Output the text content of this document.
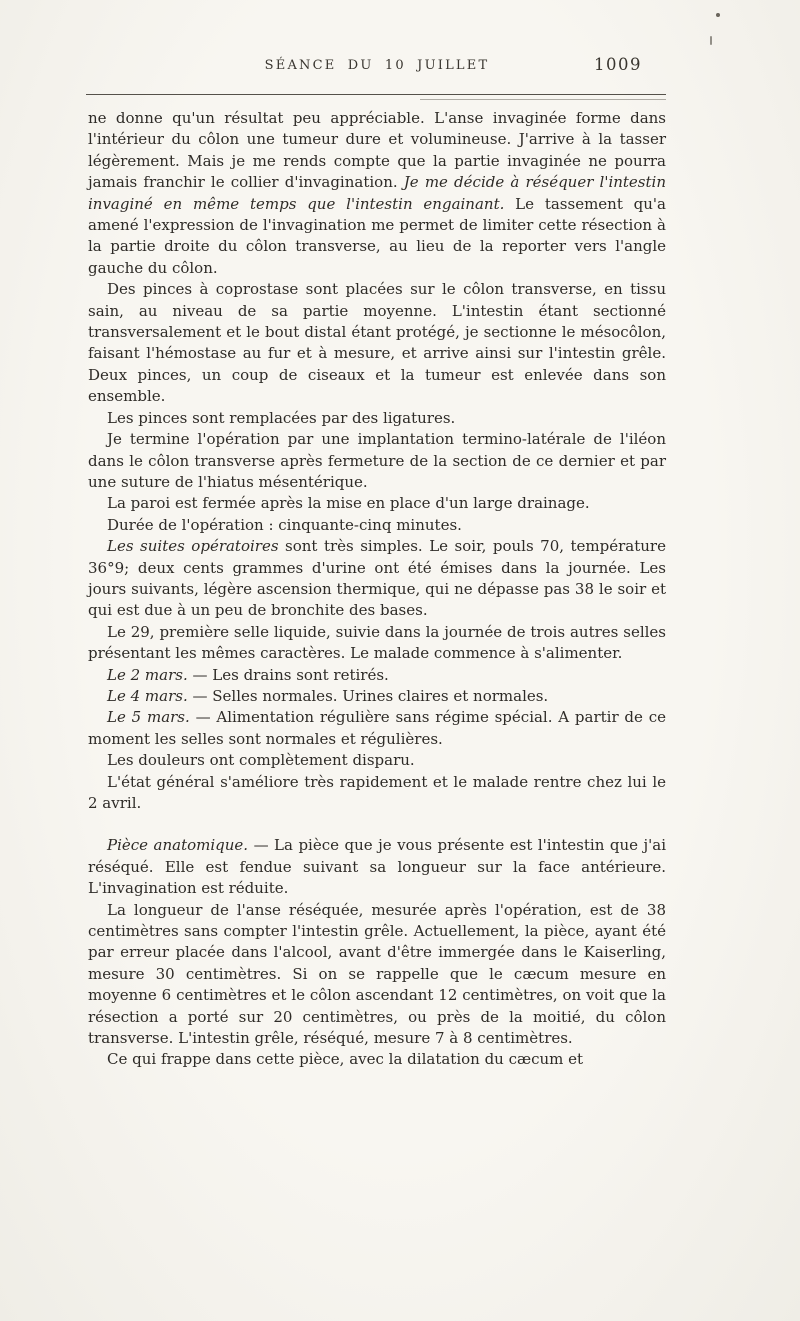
SÉANCE DU 10 JUILLET	1009

ne donne qu'un résultat peu appréciable. L'anse invaginée forme dans l'intérieur du côlon une tumeur dure et volumineuse. J'arrive à la tasser légèrement. Mais je me rends compte que la partie invaginée ne pourra jamais franchir le collier d'invagination. Je me décide à réséquer l'intestin invaginé en même temps que l'intestin engainant. Le tassement qu'a amené l'expression de l'invagination me permet de limiter cette résection à la partie droite du côlon transverse, au lieu de la reporter vers l'angle gauche du côlon.

Des pinces à coprostase sont placées sur le côlon transverse, en tissu sain, au niveau de sa partie moyenne. L'intestin étant sectionné transversalement et le bout distal étant protégé, je sectionne le mésocôlon, faisant l'hémostase au fur et à mesure, et arrive ainsi sur l'intestin grêle. Deux pinces, un coup de ciseaux et la tumeur est enlevée dans son ensemble.

Les pinces sont remplacées par des ligatures.

Je termine l'opération par une implantation termino-latérale de l'iléon dans le côlon transverse après fermeture de la section de ce dernier et par une suture de l'hiatus mésentérique.

La paroi est fermée après la mise en place d'un large drainage.

Durée de l'opération : cinquante-cinq minutes.

Les suites opératoires sont très simples. Le soir, pouls 70, température 36°9; deux cents grammes d'urine ont été émises dans la journée. Les jours suivants, légère ascension thermique, qui ne dépasse pas 38 le soir et qui est due à un peu de bronchite des bases.

Le 29, première selle liquide, suivie dans la journée de trois autres selles présentant les mêmes caractères. Le malade commence à s'alimenter.

Le 2 mars. — Les drains sont retirés.

Le 4 mars. — Selles normales. Urines claires et normales.

Le 5 mars. — Alimentation régulière sans régime spécial. A partir de ce moment les selles sont normales et régulières.

Les douleurs ont complètement disparu.

L'état général s'améliore très rapidement et le malade rentre chez lui le 2 avril.

Pièce anatomique. — La pièce que je vous présente est l'intestin que j'ai réséqué. Elle est fendue suivant sa longueur sur la face antérieure. L'invagination est réduite.

La longueur de l'anse réséquée, mesurée après l'opération, est de 38 centimètres sans compter l'intestin grêle. Actuellement, la pièce, ayant été par erreur placée dans l'alcool, avant d'être immergée dans le Kaiserling, mesure 30 centimètres. Si on se rappelle que le cæcum mesure en moyenne 6 centimètres et le côlon ascendant 12 centimètres, on voit que la résection a porté sur 20 centimètres, ou près de la moitié, du côlon transverse. L'intestin grêle, réséqué, mesure 7 à 8 centimètres.

Ce qui frappe dans cette pièce, avec la dilatation du cæcum et
